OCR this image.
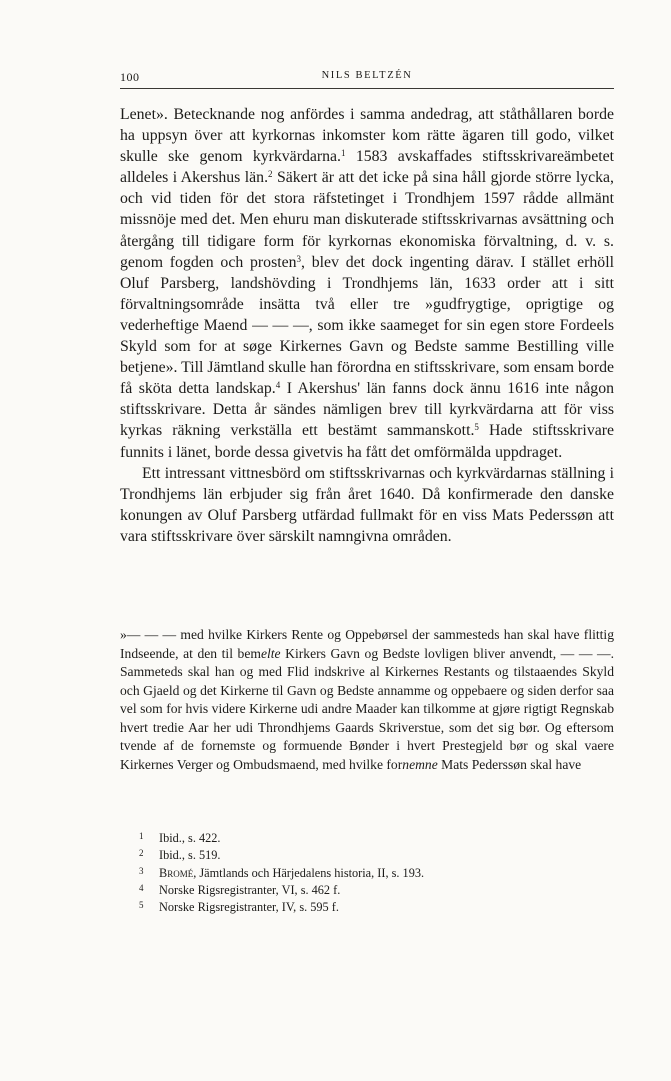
100	NILS BELTZÉN

Lenet». Betecknande nog anfördes i samma andedrag, att ståthållaren borde ha uppsyn över att kyrkornas inkomster kom rätte ägaren till godo, vilket skulle ske genom kyrkvärdarna.$^1$ 1583 avskaffades stiftsskrivareämbetet alldeles i Akershus län.$^2$ Säkert är att det icke på sina håll gjorde större lycka, och vid tiden för det stora räfstetinget i Trondhjem 1597 rådde allmänt missnöje med det. Men ehuru man diskuterade stiftsskrivarnas avsättning och återgång till tidigare form för kyrkornas ekonomiska förvaltning, d. v. s. genom fogden och prosten$^3$, blev det dock ingenting därav. I stället erhöll Oluf Parsberg, landshövding i Trondhjems län, 1633 order att i sitt förvaltningsområde insätta två eller tre »gudfrygtige, oprigtige og vederheftige Maend — — —, som ikke saameget for sin egen store Fordeels Skyld som for at søge Kirkernes Gavn og Bedste samme Bestilling ville betjene». Till Jämtland skulle han förordna en stiftsskrivare, som ensam borde få sköta detta landskap.$^4$ I Akershus' län fanns dock ännu 1616 inte någon stiftsskrivare. Detta år sändes nämligen brev till kyrkvärdarna att för viss kyrkas räkning verkställa ett bestämt sammanskott.$^5$ Hade stiftsskrivare funnits i länet, borde dessa givetvis ha fått det omförmälda uppdraget.

Ett intressant vittnesbörd om stiftsskrivarnas och kyrkvärdarnas ställning i Trondhjems län erbjuder sig från året 1640. Då konfirmerade den danske konungen av Oluf Parsberg utfärdad fullmakt för en viss Mats Pederssøn att vara stiftsskrivare över särskilt namngivna områden.

»— — — med hvilke Kirkers Rente og Oppebørsel der sammesteds han skal have flittig Indseende, at den til bemelte Kirkers Gavn og Bedste lovligen bliver anvendt, — — —. Sammeteds skal han og med Flid indskrive al Kirkernes Restants og tilstaaendes Skyld och Gjaeld og det Kirkerne til Gavn og Bedste annamme og oppebaere og siden derfor saa vel som for hvis videre Kirkerne udi andre Maader kan tilkomme at gjøre rigtigt Regnskab hvert tredie Aar her udi Throndhjems Gaards Skriverstue, som det sig bør. Og eftersom tvende af de fornemste og formuende Bønder i hvert Prestegjeld bør og skal vaere Kirkernes Verger og Ombudsmaend, med hvilke fornemne Mats Pederssøn skal have

1 Ibid., s. 422.
2 Ibid., s. 519.
3 Bromé, Jämtlands och Härjedalens historia, II, s. 193.
4 Norske Rigsregistranter, VI, s. 462 f.
5 Norske Rigsregistranter, IV, s. 595 f.
